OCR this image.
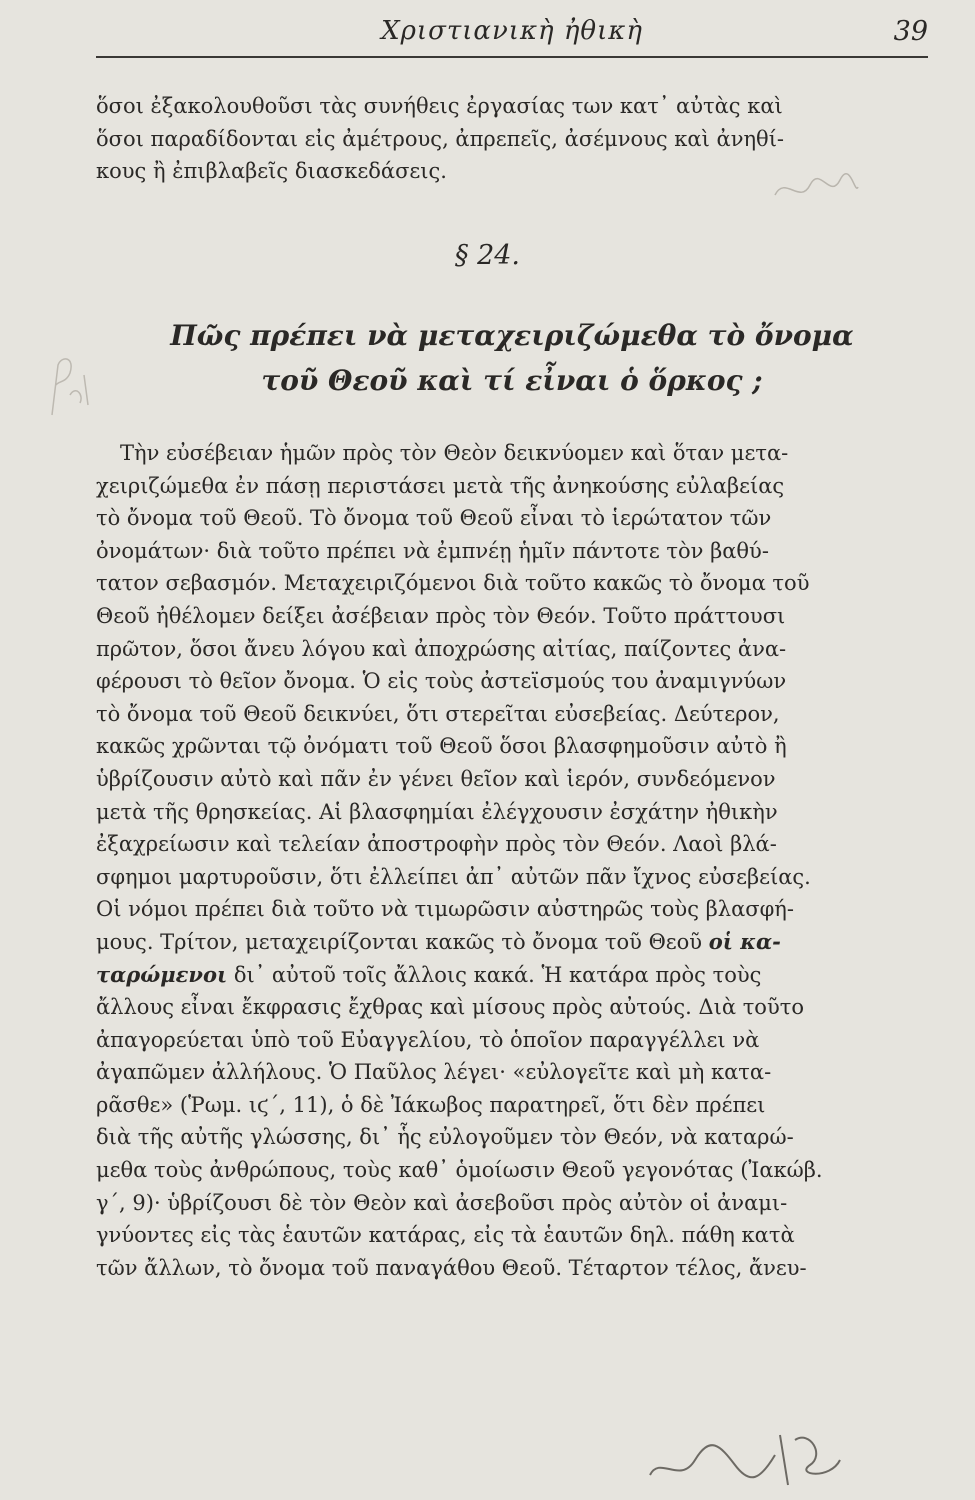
Χριστιανικὴ ἠθικὴ	39
ὅσοι ἐξακολουθοῦσι τὰς συνήθεις ἐργασίας των κατ᾽ αὐτὰς καὶ
ὅσοι παραδίδονται εἰς ἀμέτρους, ἀπρεπεῖς, ἀσέμνους καὶ ἀνηθί-
κους ἢ ἐπιβλαβεῖς διασκεδάσεις.
§ 24.
Πῶς πρέπει νὰ μεταχειριζώμεθα τὸ ὄνομα
τοῦ Θεοῦ καὶ τί εἶναι ὁ ὅρκος ;
Τὴν εὐσέβειαν ἡμῶν πρὸς τὸν Θεὸν δεικνύομεν καὶ ὅταν μετα-
χειριζώμεθα ἐν πάσῃ περιστάσει μετὰ τῆς ἀνηκούσης εὐλαβείας
τὸ ὄνομα τοῦ Θεοῦ. Τὸ ὄνομα τοῦ Θεοῦ εἶναι τὸ ἱερώτατον τῶν
ὀνομάτων· διὰ τοῦτο πρέπει νὰ ἐμπνέῃ ἡμῖν πάντοτε τὸν βαθύ-
τατον σεβασμόν. Μεταχειριζόμενοι διὰ τοῦτο κακῶς τὸ ὄνομα τοῦ
Θεοῦ ἠθέλομεν δείξει ἀσέβειαν πρὸς τὸν Θεόν. Τοῦτο πράττουσι
πρῶτον, ὅσοι ἄνευ λόγου καὶ ἀποχρώσης αἰτίας, παίζοντες ἀνα-
φέρουσι τὸ θεῖον ὄνομα. Ὁ εἰς τοὺς ἀστεϊσμούς του ἀναμιγνύων
τὸ ὄνομα τοῦ Θεοῦ δεικνύει, ὅτι στερεῖται εὐσεβείας. Δεύτερον,
κακῶς χρῶνται τῷ ὀνόματι τοῦ Θεοῦ ὅσοι βλασφημοῦσιν αὐτὸ ἢ
ὑβρίζουσιν αὐτὸ καὶ πᾶν ἐν γένει θεῖον καὶ ἱερόν, συνδεόμενον
μετὰ τῆς θρησκείας. Αἱ βλασφημίαι ἐλέγχουσιν ἐσχάτην ἠθικὴν
ἐξαχρείωσιν καὶ τελείαν ἀποστροφὴν πρὸς τὸν Θεόν. Λαοὶ βλά-
σφημοι μαρτυροῦσιν, ὅτι ἐλλείπει ἀπ᾽ αὐτῶν πᾶν ἴχνος εὐσεβείας.
Οἱ νόμοι πρέπει διὰ τοῦτο νὰ τιμωρῶσιν αὐστηρῶς τοὺς βλασφή-
μους. Τρίτον, μεταχειρίζονται κακῶς τὸ ὄνομα τοῦ Θεοῦ οἱ κα-
ταρώμενοι δι᾽ αὐτοῦ τοῖς ἄλλοις κακά. Ἡ κατάρα πρὸς τοὺς
ἄλλους εἶναι ἔκφρασις ἔχθρας καὶ μίσους πρὸς αὐτούς. Διὰ τοῦτο
ἀπαγορεύεται ὑπὸ τοῦ Εὐαγγελίου, τὸ ὁποῖον παραγγέλλει νὰ
ἀγαπῶμεν ἀλλήλους. Ὁ Παῦλος λέγει· «εὐλογεῖτε καὶ μὴ κατα-
ρᾶσθε» (Ῥωμ. ιϛ´, 11), ὁ δὲ Ἰάκωβος παρατηρεῖ, ὅτι δὲν πρέπει
διὰ τῆς αὐτῆς γλώσσης, δι᾽ ἧς εὐλογοῦμεν τὸν Θεόν, νὰ καταρώ-
μεθα τοὺς ἀνθρώπους, τοὺς καθ᾽ ὁμοίωσιν Θεοῦ γεγονότας (Ἰακώβ.
γ´, 9)· ὑβρίζουσι δὲ τὸν Θεὸν καὶ ἀσεβοῦσι πρὸς αὐτὸν οἱ ἀναμι-
γνύοντες εἰς τὰς ἑαυτῶν κατάρας, εἰς τὰ ἑαυτῶν δηλ. πάθη κατὰ
τῶν ἄλλων, τὸ ὄνομα τοῦ παναγάθου Θεοῦ. Τέταρτον τέλος, ἄνευ-
